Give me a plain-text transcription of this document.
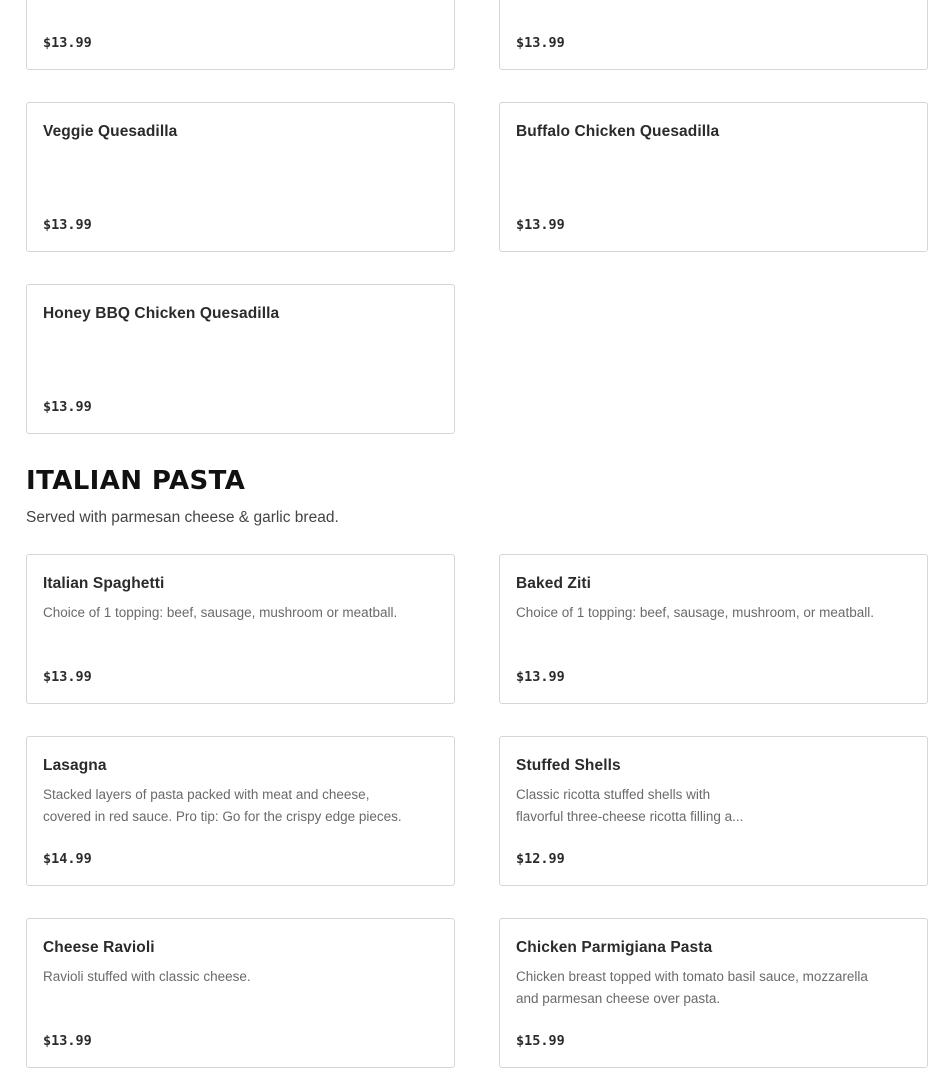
$13.99	$13.99
Veggie Quesadilla
$13.99
Buffalo Chicken Quesadilla
$13.99
Honey BBQ Chicken Quesadilla
$13.99
ITALIAN PASTA

Served with parmesan cheese & garlic bread.

Italian Spaghetti
Choice of 1 topping: beef, sausage, mushroom or meatball.
$13.99
Baked Ziti
Choice of 1 topping: beef, sausage, mushroom, or meatball.
$13.99
Lasagna
Stacked layers of pasta packed with meat and cheese,
covered in red sauce. Pro tip: Go for the crispy edge pieces.
$14.99
Stuffed Shells
Classic ricotta stuffed shells with
flavorful three-cheese ricotta filling a...
$12.99
Cheese Ravioli
Ravioli stuffed with classic cheese.
$13.99
Chicken Parmigiana Pasta
Chicken breast topped with tomato basil sauce, mozzarella
and parmesan cheese over pasta.
$15.99
